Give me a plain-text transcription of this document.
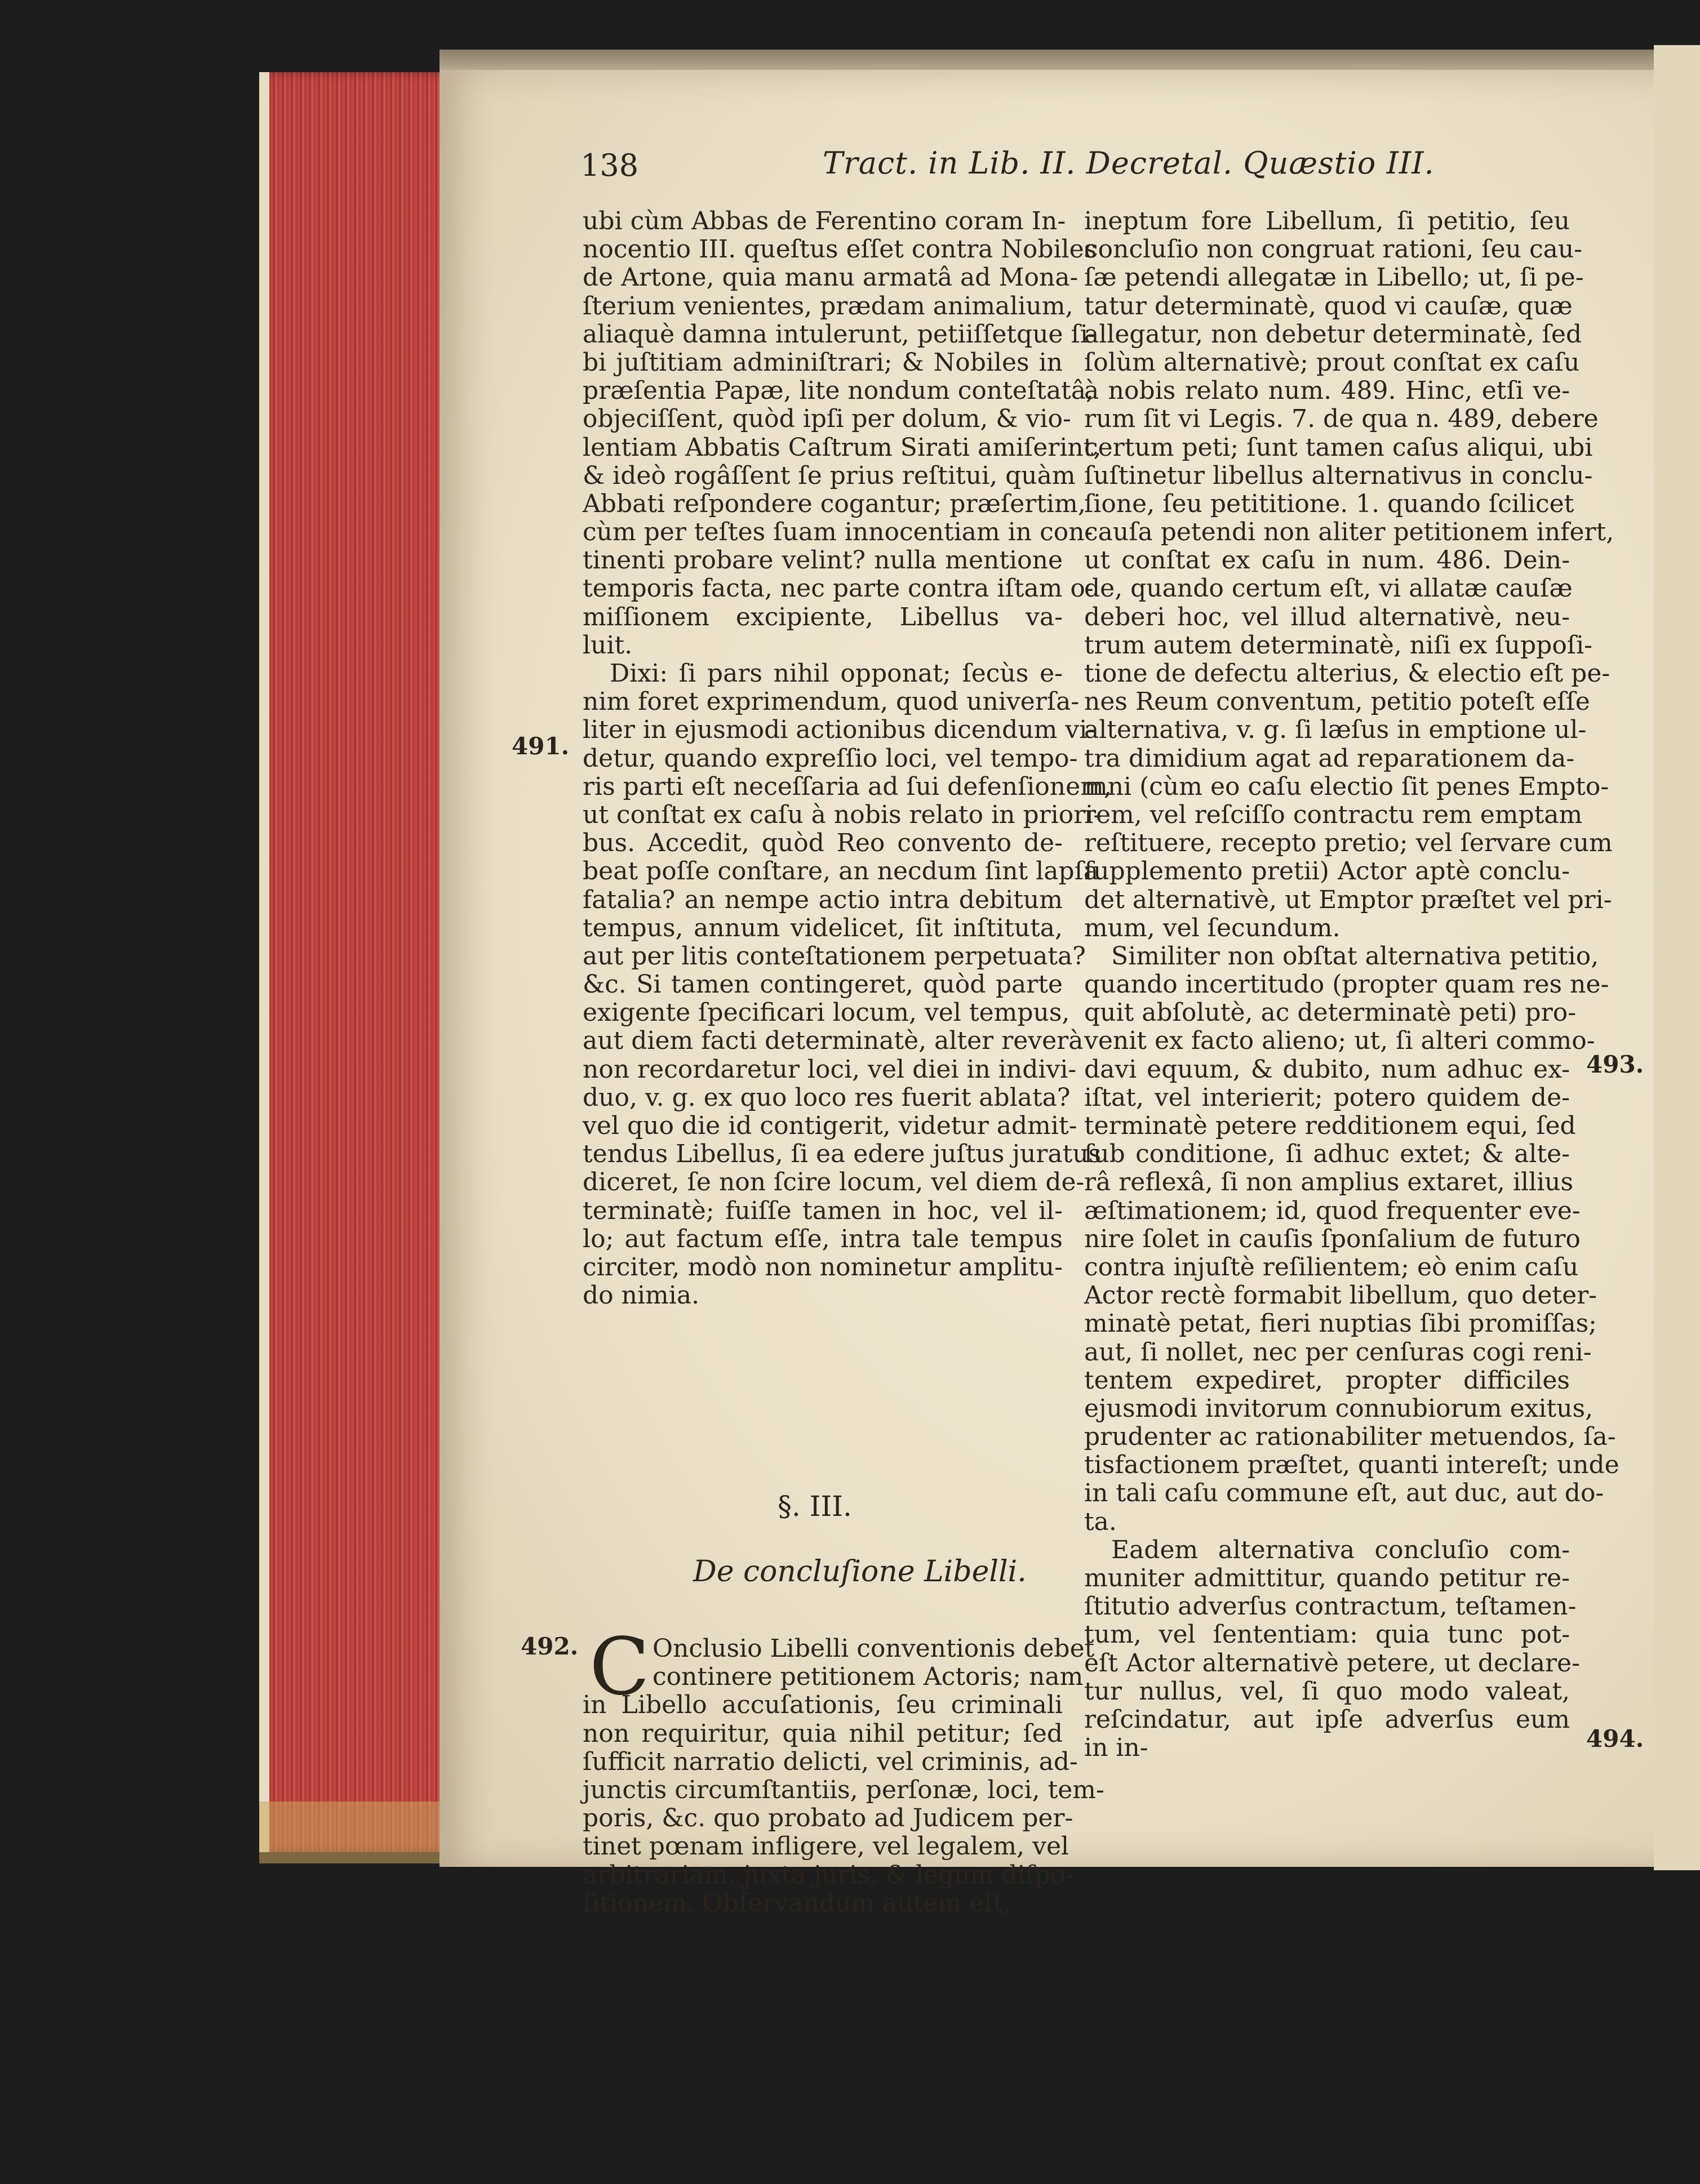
138	Tract. in Lib. II. Decretal. Quæstio III.
ubi cùm Abbas de Ferentino coram In-
nocentio III. queſtus eſſet contra Nobiles
de Artone, quia manu armatâ ad Mona-
ſterium venientes, prædam animalium,
aliaquè damna intulerunt, petiiſſetque ſi-
bi juſtitiam adminiſtrari; & Nobiles in
præſentia Papæ, lite nondum conteſtatâ,
objeciſſent, quòd ipſi per dolum, & vio-
lentiam Abbatis Caſtrum Sirati amiſerint,
& ideò rogâſſent ſe prius reſtitui, quàm
Abbati reſpondere cogantur; præſertim,
cùm per teſtes ſuam innocentiam in con-
tinenti probare velint? nulla mentione
temporis facta, nec parte contra iſtam o-
miſſionem excipiente, Libellus va-
luit.
Dixi: ſi pars nihil opponat; ſecùs e-
nim foret exprimendum, quod univerſa-
liter in ejusmodi actionibus dicendum vi-
detur, quando expreſſio loci, vel tempo-
ris parti eſt neceſſaria ad ſui defenſionem,
ut conſtat ex caſu à nobis relato in priori-
bus. Accedit, quòd Reo convento de-
beat poſſe conſtare, an necdum ſint lapſa
fatalia? an nempe actio intra debitum
tempus, annum videlicet, ſit inſtituta,
aut per litis conteſtationem perpetuata?
&c. Si tamen contingeret, quòd parte
exigente ſpecificari locum, vel tempus,
aut diem facti determinatè, alter reverà
non recordaretur loci, vel diei in indivi-
duo, v. g. ex quo loco res fuerit ablata?
vel quo die id contigerit, videtur admit-
tendus Libellus, ſi ea edere juſtus juratus
diceret, ſe non ſcire locum, vel diem de-
terminatè; fuiſſe tamen in hoc, vel il-
lo; aut factum eſſe, intra tale tempus
circiter, modò non nominetur amplitu-
do nimia.
§. III.
De concluſione Libelli.
C Onclusio Libelli conventionis debet
continere petitionem Actoris; nam
in Libello accuſationis, ſeu criminali
non requiritur, quia nihil petitur; ſed
ſufficit narratio delicti, vel criminis, ad-
junctis circumſtantiis, perſonæ, loci, tem-
poris, &c. quo probato ad Judicem per-
tinet pœnam infligere, vel legalem, vel
arbitrariam, juxta juris, & legum diſpo-
ſitionem. Obſervandum autem eſt,
ineptum fore Libellum, ſi petitio, ſeu
concluſio non congruat rationi, ſeu cau-
ſæ petendi allegatæ in Libello; ut, ſi pe-
tatur determinatè, quod vi cauſæ, quæ
allegatur, non debetur determinatè, ſed
ſolùm alternativè; prout conſtat ex caſu
à nobis relato num. 489. Hinc, etſi ve-
rum ſit vi Legis. 7. de qua n. 489, debere
certum peti; ſunt tamen caſus aliqui, ubi
ſuſtinetur libellus alternativus in conclu-
ſione, ſeu petititione. 1. quando ſcilicet
cauſa petendi non aliter petitionem infert,
ut conſtat ex caſu in num. 486. Dein-
de, quando certum eſt, vi allatæ cauſæ
deberi hoc, vel illud alternativè, neu-
trum autem determinatè, niſi ex ſuppoſi-
tione de defectu alterius, & electio eſt pe-
nes Reum conventum, petitio poteſt eſſe
alternativa, v. g. ſi læſus in emptione ul-
tra dimidium agat ad reparationem da-
mni (cùm eo caſu electio ſit penes Empto-
rem, vel reſciſſo contractu rem emptam
reſtituere, recepto pretio; vel ſervare cum
ſupplemento pretii) Actor aptè conclu-
det alternativè, ut Emptor præſtet vel pri-
mum, vel ſecundum.
Similiter non obſtat alternativa petitio,
quando incertitudo (propter quam res ne-
quit abſolutè, ac determinatè peti) pro-
venit ex facto alieno; ut, ſi alteri commo-
davi equum, & dubito, num adhuc ex-
iſtat, vel interierit; potero quidem de-
terminatè petere redditionem equi, ſed
ſub conditione, ſi adhuc extet; & alte-
râ reflexâ, ſi non amplius extaret, illius
æſtimationem; id, quod frequenter eve-
nire ſolet in cauſis ſponſalium de futuro
contra injuſtè reſilientem; eò enim caſu
Actor rectè formabit libellum, quo deter-
minatè petat, fieri nuptias ſibi promiſſas;
aut, ſi nollet, nec per cenſuras cogi reni-
tentem expediret, propter difficiles
ejusmodi invitorum connubiorum exitus,
prudenter ac rationabiliter metuendos, ſa-
tisfactionem præſtet, quanti intereſt; unde
in tali caſu commune eſt, aut duc, aut do-
ta.
Eadem alternativa concluſio com-
muniter admittitur, quando petitur re-
ſtitutio adverſus contractum, teſtamen-
tum, vel ſententiam: quia tunc pot-
eſt Actor alternativè petere, ut declare-
tur nullus, vel, ſi quo modo valeat,
reſcindatur, aut ipſe adverſus eum
in in-
491.
492.
493.
494.
